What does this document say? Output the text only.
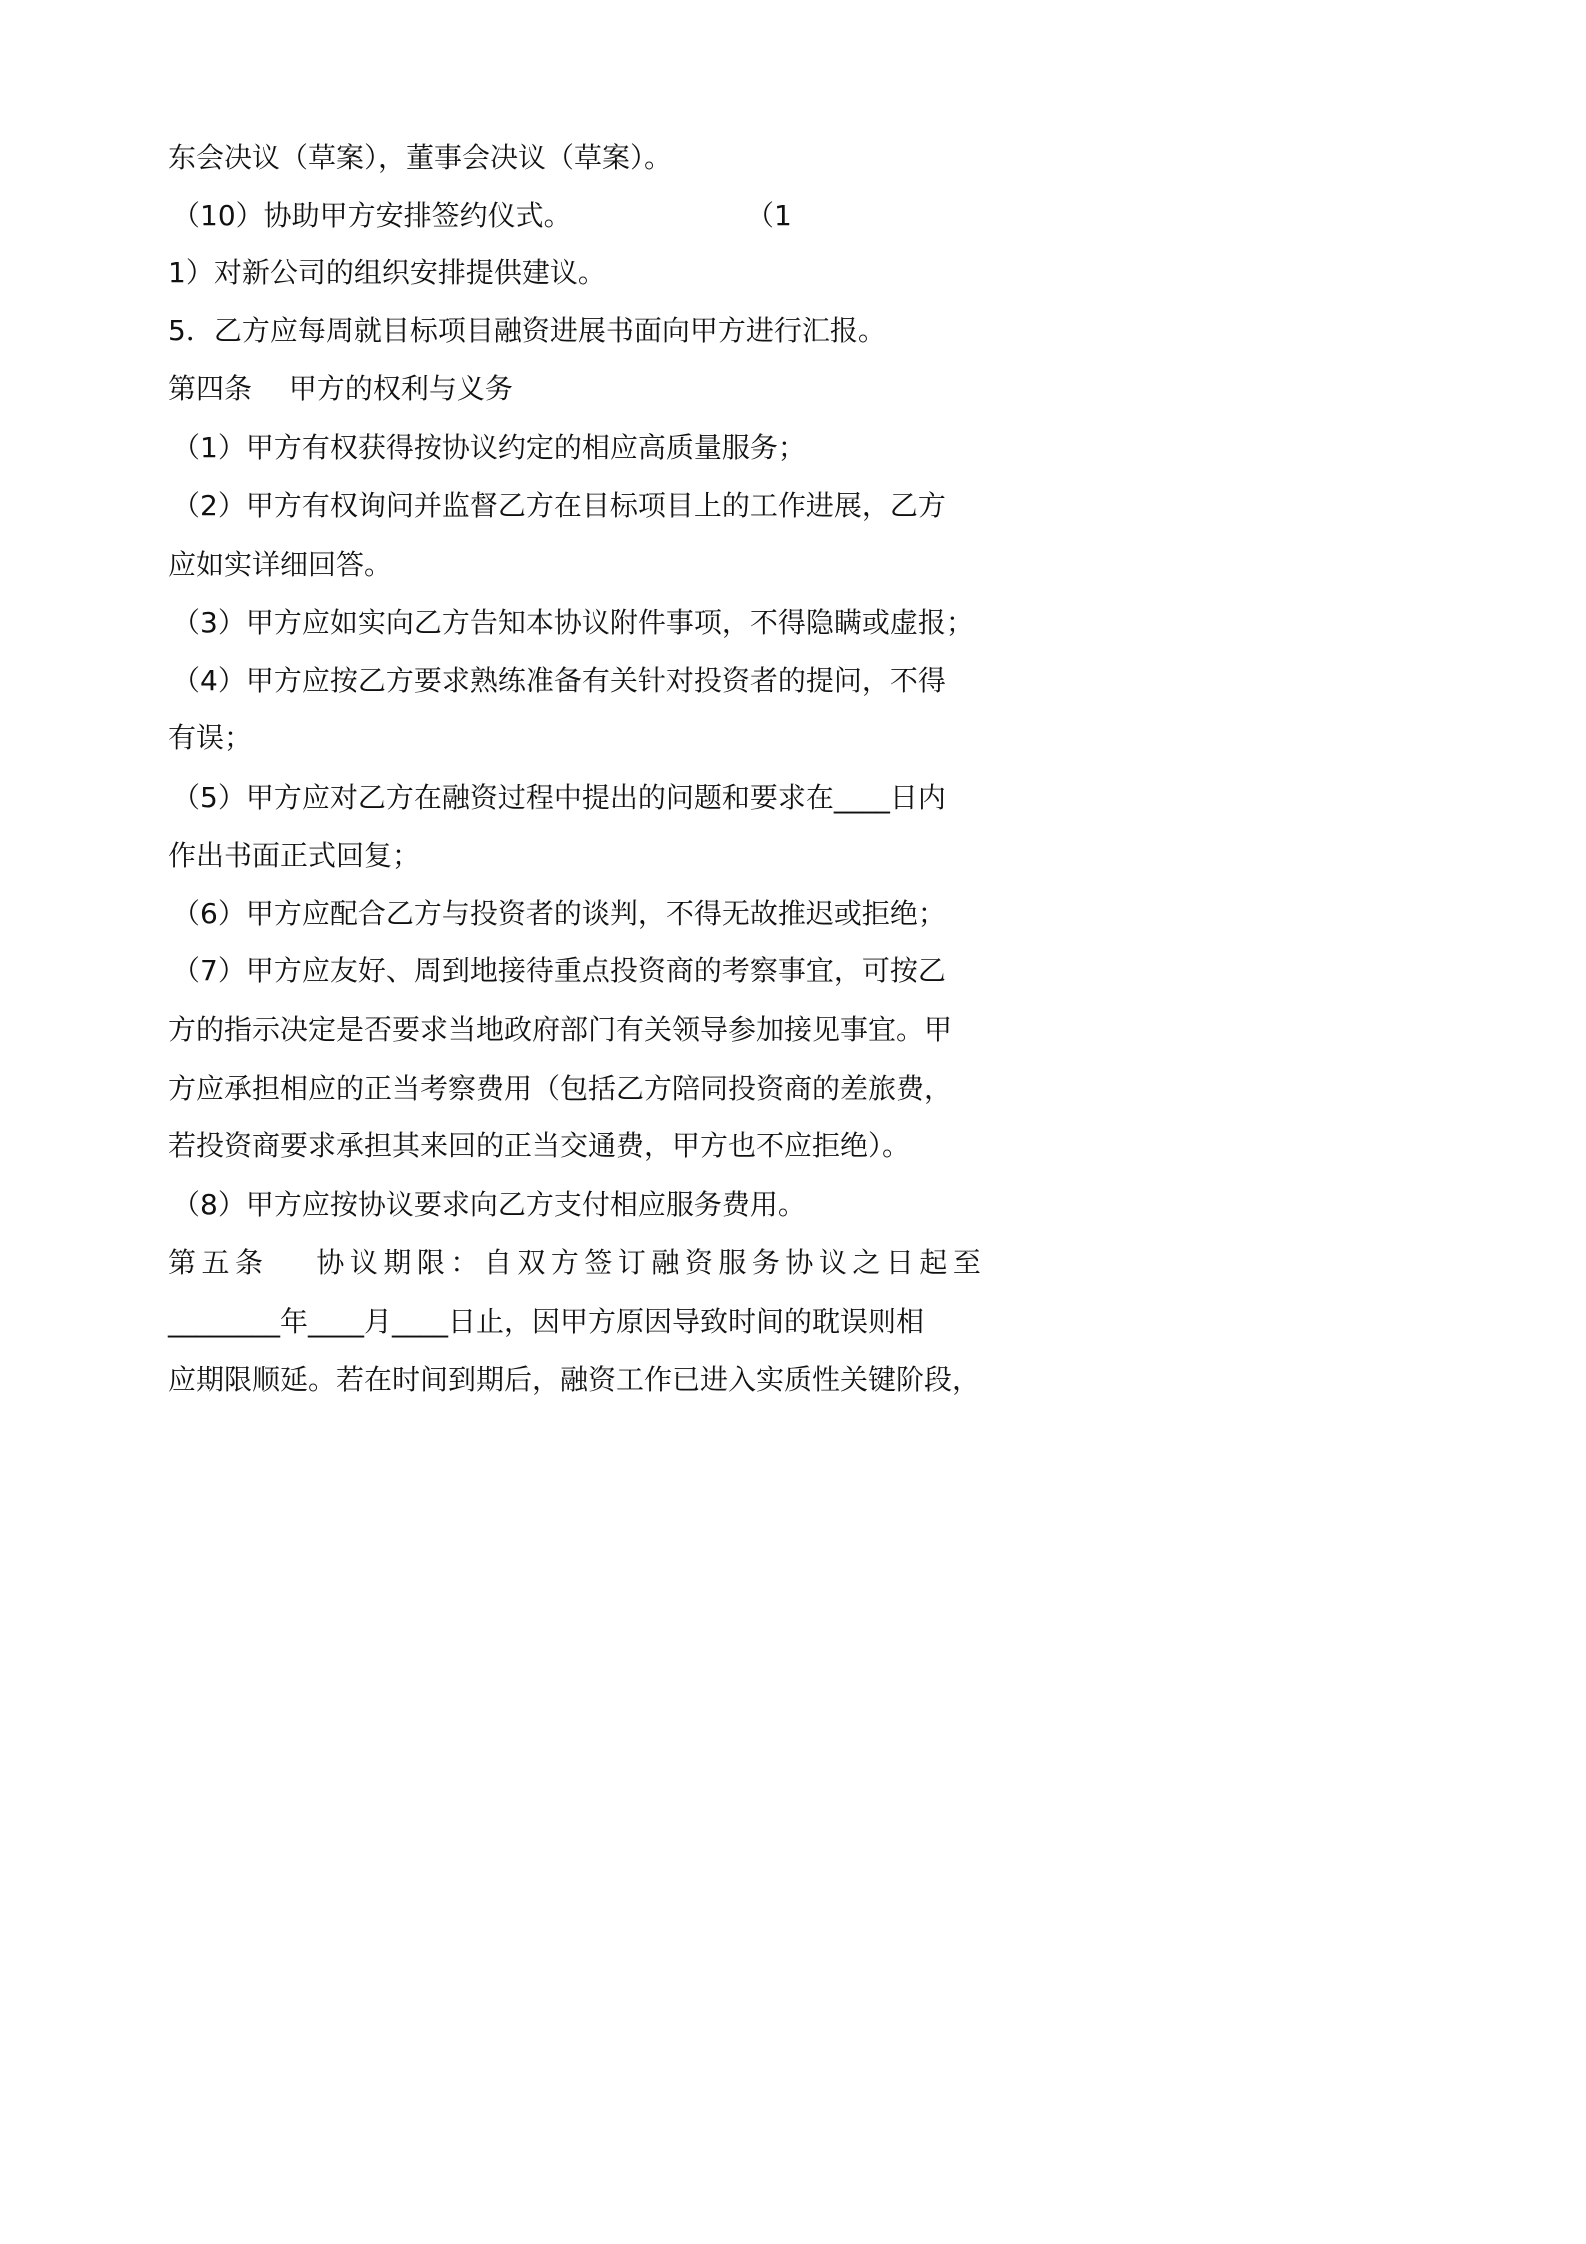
东会决议（草案），董事会决议（草案）。
（10）协助甲方安排签约仪式。	（1
1）对新公司的组织安排提供建议。
5．乙方应每周就目标项目融资进展书面向甲方进行汇报。
第四条　 甲方的权利与义务
（1）甲方有权获得按协议约定的相应高质量服务；
（2）甲方有权询问并监督乙方在目标项目上的工作进展，乙方
应如实详细回答。
（3）甲方应如实向乙方告知本协议附件事项，不得隐瞒或虚报；
（4）甲方应按乙方要求熟练准备有关针对投资者的提问，不得
有误；
（5）甲方应对乙方在融资过程中提出的问题和要求在____日内
作出书面正式回复；
（6）甲方应配合乙方与投资者的谈判，不得无故推迟或拒绝；
（7）甲方应友好、周到地接待重点投资商的考察事宜，可按乙
方的指示决定是否要求当地政府部门有关领导参加接见事宜。甲
方应承担相应的正当考察费用（包括乙方陪同投资商的差旅费，
若投资商要求承担其来回的正当交通费，甲方也不应拒绝）。
（8）甲方应按协议要求向乙方支付相应服务费用。
第五条　 协议期限：自双方签订融资服务协议之日起至
________年____月____日止，因甲方原因导致时间的耽误则相
应期限顺延。若在时间到期后，融资工作已进入实质性关键阶段，
